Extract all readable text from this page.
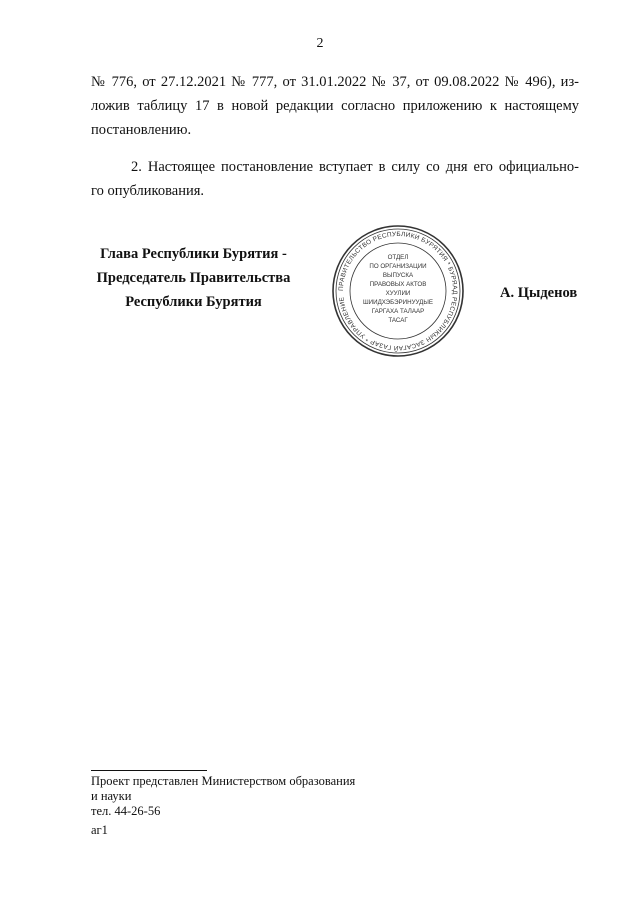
2
№ 776, от 27.12.2021 № 777, от 31.01.2022 № 37, от 09.08.2022 № 496), из-
ложив таблицу 17 в новой редакции согласно приложению к настоящему
постановлению.
2. Настоящее постановление вступает в силу со дня его официально-
го опубликования.
Глава Республики Бурятия -
Председатель Правительства
Республики Бурятия
ПРАВИТЕЛЬСТВО РЕСПУБЛИКИ БУРЯТИЯ * БУРЯАД РЕСПУБЛИКЫН ЗАСАГАЙ ГАЗАР * УПРАВЛЕНИЕ
ОТДЕЛ
ПО ОРГАНИЗАЦИИ
ВЫПУСКА
ПРАВОВЫХ АКТОВ
ХУУЛИИ
ШИИДХЭБЭРИНУУДЫЕ
ГАРГАХА ТАЛААР
ТАСАГ
А. Цыденов
Проект представлен Министерством образования
и науки
тел. 44-26-56
аг1
